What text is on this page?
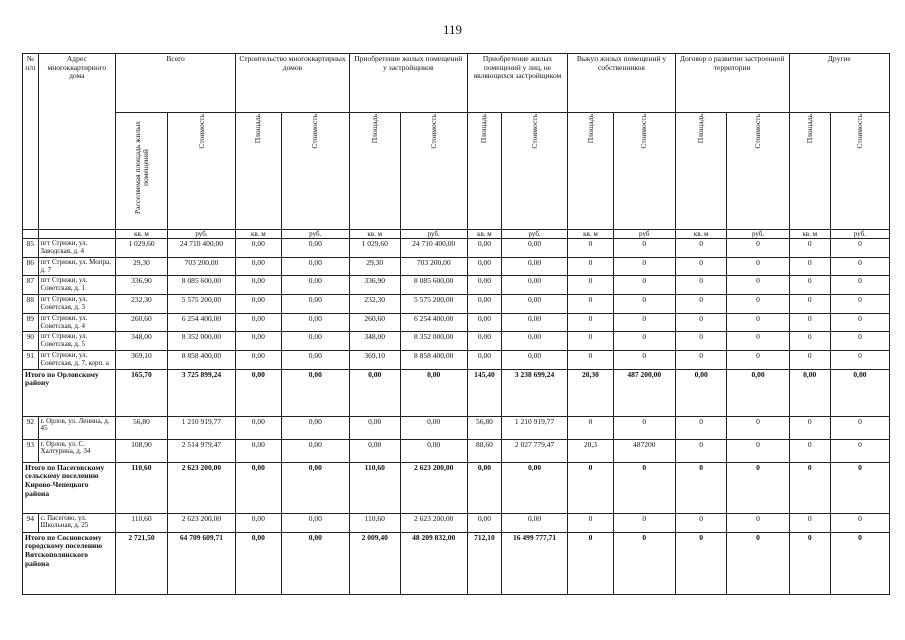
119
№ п/п	Адрес многоквартирного дома	Всего		Строительство многоквартирных домов		Приобретение жилых помещений у застройщиков		Приобретение жилых помещений у лиц, не являющихся застройщиком		Выкуп жилых помещений у собственников		Договор о развитии застроенной территории		Другие	

		Расселяемая площадь жилых помещений	Стоимость	Площадь	Стоимость	Площадь	Стоимость	Площадь	Стоимость	Площадь	Стоимость	Площадь	Стоимость	Площадь	Стоимость

		кв. м	руб.	кв. м	руб.	кв. м	руб.	кв. м	руб.	кв. м	руб	кв. м	руб.	кв. м	руб.
85	пгт Стрижи, ул. Заводская, д. 4	1 029,60	24 710 400,00	0,00	0,00	1 029,60	24 710 400,00	0,00	0,00	0	0	0	0	0	0
86	пгт Стрижи, ул. Мопра, д. 7	29,30	703 200,00	0,00	0,00	29,30	703 200,00	0,00	0,00	0	0	0	0	0	0
87	пгт Стрижи, ул. Советская, д. 1	336,90	8 085 600,00	0,00	0,00	336,90	8 085 600,00	0,00	0,00	0	0	0	0	0	0
88	пгт Стрижи, ул. Советская, д. 3	232,30	5 575 200,00	0,00	0,00	232,30	5 575 200,00	0,00	0,00	0	0	0	0	0	0
89	пгт Стрижи, ул. Советская, д. 4	260,60	6 254 400,00	0,00	0,00	260,60	6 254 400,00	0,00	0,00	0	0	0	0	0	0
90	пгт Стрижи, ул. Советская, д. 5	348,00	8 352 000,00	0,00	0,00	348,00	8 352 000,00	0,00	0,00	0	0	0	0	0	0
91	пгт Стрижи, ул. Советская, д. 7, корп. а	369,10	8 858 400,00	0,00	0,00	369,10	8 858 400,00	0,00	0,00	0	0	0	0	0	0
Итого по Орловскому району		165,70	3 725 899,24	0,00	0,00	0,00	0,00	145,40	3 238 699,24	20,30	487 200,00	0,00	0,00	0,00	0,00
92	г. Орлов, ул. Ленина, д. 45	56,80	1 210 919,77	0,00	0,00	0,00	0,00	56,80	1 210 919,77	0	0	0	0	0	0
93	г. Орлов, ул. С. Халтурина, д. 34	108,90	2 514 979,47	0,00	0,00	0,00	0,00	88,60	2 027 779,47	20,3	487200	0	0	0	0
Итого по Пасеговскому сельскому поселению Кирово-Чепецкого района		110,60	2 623 200,00	0,00	0,00	110,60	2 623 200,00	0,00	0,00	0	0	0	0	0	0
94	с. Пасегово, ул. Школьная, д. 25	110,60	2 623 200,00	0,00	0,00	110,60	2 623 200,00	0,00	0,00	0	0	0	0	0	0
Итого по Сосновскому городскому поселению Вятскополянского района		2 721,50	64 709 609,71	0,00	0,00	2 009,40	48 209 832,00	712,10	16 499 777,71	0	0	0	0	0	0
